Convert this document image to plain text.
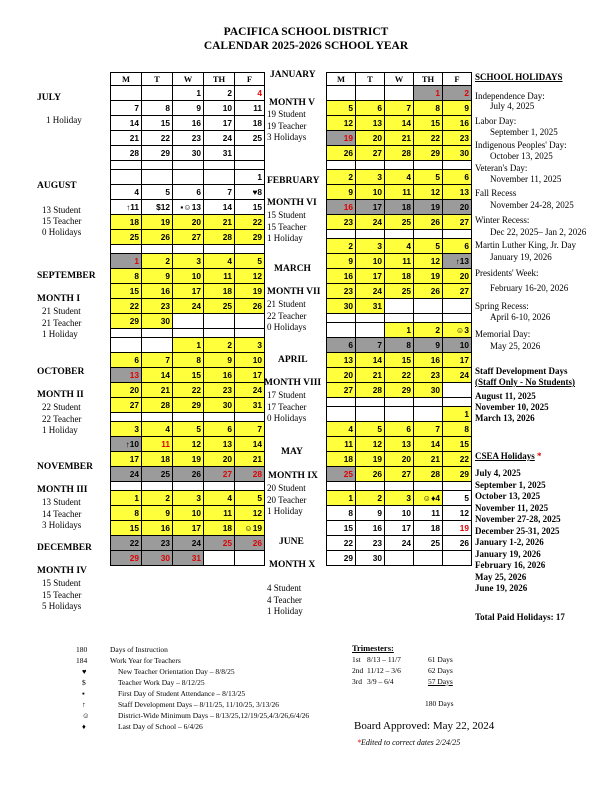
PACIFICA SCHOOL DISTRICT
CALENDAR 2025-2026 SCHOOL YEAR
M	T	W	TH	F
		1	2	4
7	8	9	10	11
14	15	16	17	18
21	22	23	24	25
28	29	30	31	

				1
4	5	6	7	♥8
↑11	$12	▪☺13	14	15
18	19	20	21	22
25	26	27	28	29

1	2	3	4	5
8	9	10	11	12
15	16	17	18	19
22	23	24	25	26
29	30			

		1	2	3
6	7	8	9	10
13	14	15	16	17
20	21	22	23	24
27	28	29	30	31

3	4	5	6	7
↑10	11	12	13	14
17	18	19	20	21
24	25	26	27	28

1	2	3	4	5
8	9	10	11	12
15	16	17	18	☺19
22	23	24	25	26
29	30	31		
M	T	W	TH	F
			1	2
5	6	7	8	9
12	13	14	15	16
19	20	21	22	23
26	27	28	29	30

2	3	4	5	6
9	10	11	12	13
16	17	18	19	20
23	24	25	26	27

2	3	4	5	6
9	10	11	12	↑13
16	17	18	19	20
23	24	25	26	27
30	31			

		1	2	☺3
6	7	8	9	10
13	14	15	16	17
20	21	22	23	24
27	28	29	30	

				1
4	5	6	7	8
11	12	13	14	15
18	19	20	21	22
25	26	27	28	29

1	2	3	☺♦4	5
8	9	10	11	12
15	16	17	18	19
22	23	24	25	26
29	30			
JULY
1 Holiday
AUGUST
13 Student
15 Teacher
0 Holidays
SEPTEMBER
MONTH I
21 Student
21 Teacher
1 Holiday
OCTOBER
MONTH II
22 Student
22 Teacher
1 Holiday
NOVEMBER
MONTH III
13 Student
14 Teacher
3 Holidays
DECEMBER
MONTH IV
15 Student
15 Teacher
5 Holidays
JANUARY
MONTH V
19 Student
19 Teacher
3 Holidays
FEBRUARY
MONTH VI
15 Student
15 Teacher
1 Holiday
MARCH
MONTH VII
21 Student
22 Teacher
0 Holidays
APRIL
MONTH VIII
17 Student
17 Teacher
0 Holidays
MAY
MONTH IX
20 Student
20 Teacher
1 Holiday
JUNE
MONTH X
4 Student
4 Teacher
1 Holiday
SCHOOL HOLIDAYS
Independence Day:
July 4, 2025
Labor Day:
September 1, 2025
Indigenous Peoples' Day:
October 13, 2025
Veteran's Day:
November 11, 2025
Fall Recess
November 24-28, 2025
Winter Recess:
Dec 22, 2025– Jan 2, 2026
Martin Luther King, Jr. Day
January 19, 2026
Presidents' Week:
February 16-20, 2026
Spring Recess:
April 6-10, 2026
Memorial Day:
May 25, 2026
Staff Development Days
(Staff Only - No Students)
August 11, 2025
November 10, 2025
March 13, 2026
CSEA Holidays *
July 4, 2025
September 1, 2025
October 13, 2025
November 11, 2025
November 27-28, 2025
December 25-31, 2025
January 1-2, 2026
January 19, 2026
February 16, 2026
May 25, 2026
June 19, 2026
Total Paid Holidays: 17
180	Days of Instruction
184	Work Year for Teachers
♥	New Teacher Orientation Day – 8/8/25
$	Teacher Work Day – 8/12/25
▪	First Day of Student Attendance – 8/13/25
↑	Staff Development Days – 8/11/25, 11/10/25, 3/13/26
☺	District-Wide Minimum Days – 8/13/25,12/19/25,4/3/26,6/4/26
♦	Last Day of School – 6/4/26
Trimesters:
1st 8/13 – 11/7	61 Days
2nd 11/12 – 3/6	62 Days
3rd 3/9 – 6/4	57 Days
180 Days
Board Approved: May 22, 2024
*Edited to correct dates 2/24/25
